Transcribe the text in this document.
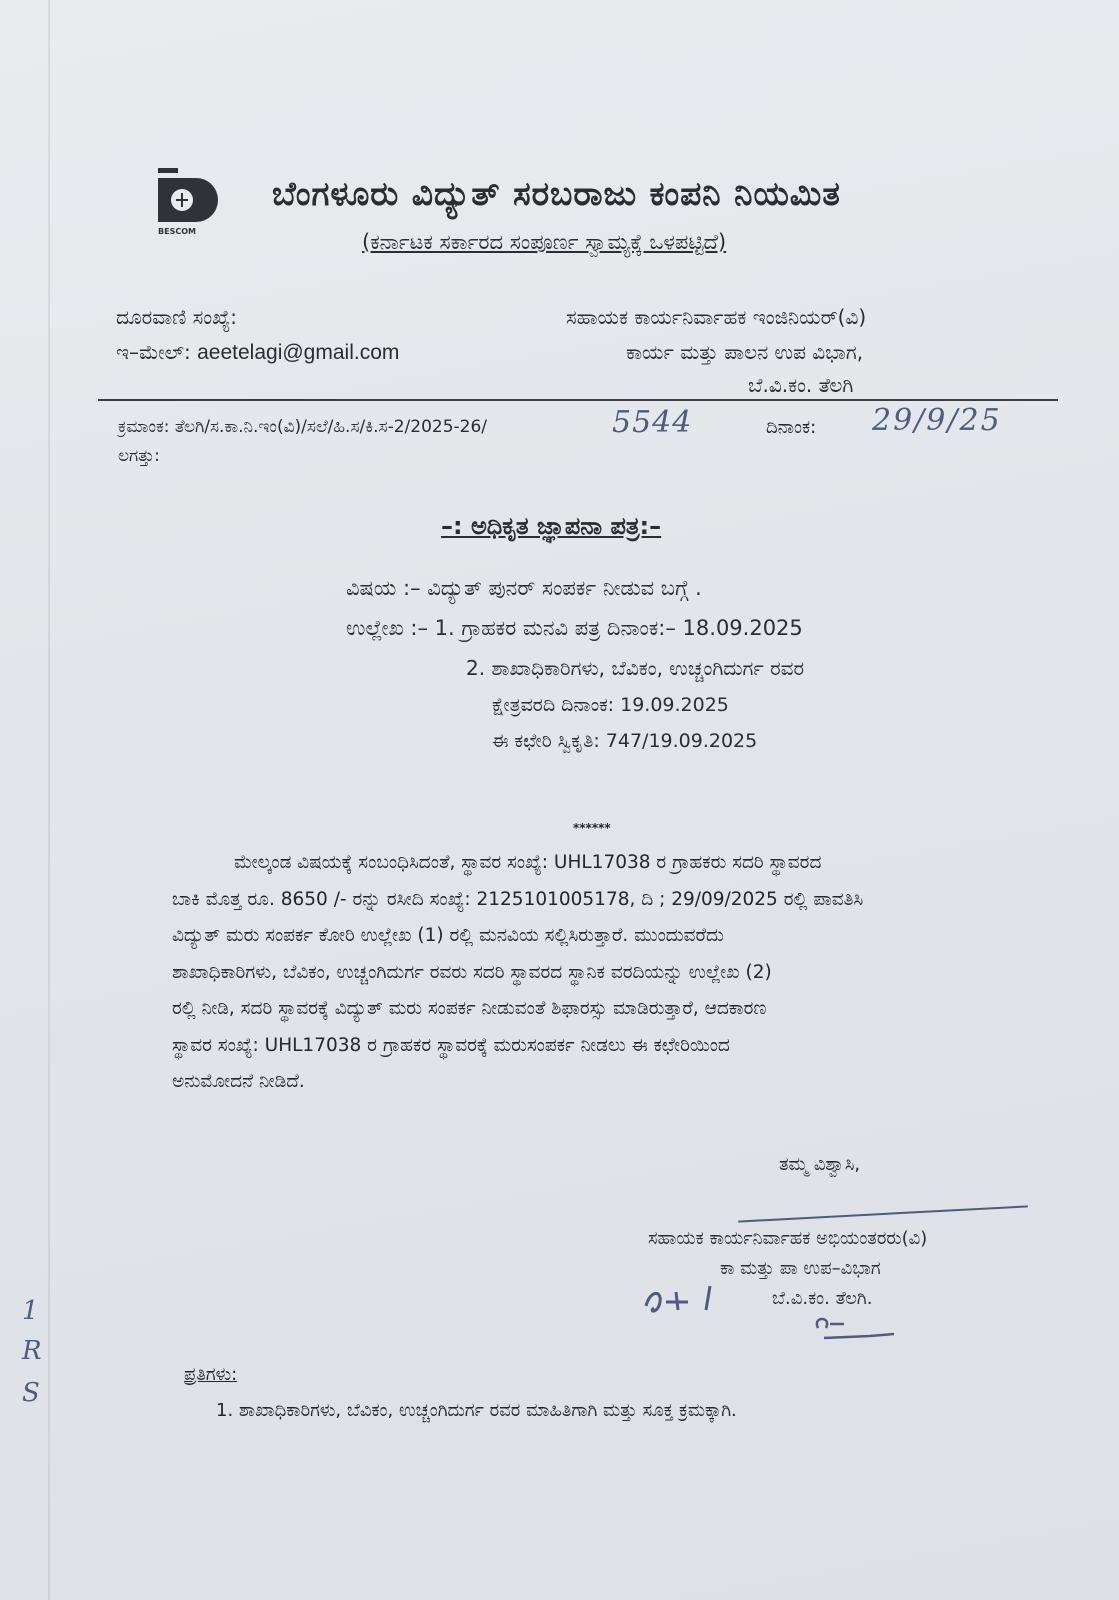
BESCOM
ಬೆಂಗಳೂರು ವಿದ್ಯುತ್ ಸರಬರಾಜು ಕಂಪನಿ ನಿಯಮಿತ
(ಕರ್ನಾಟಕ ಸರ್ಕಾರದ ಸಂಪೂರ್ಣ ಸ್ವಾಮ್ಯಕ್ಕೆ ಒಳಪಟ್ಟಿದೆ)
ದೂರವಾಣಿ ಸಂಖ್ಯೆ:
ಇ–ಮೇಲ್: aeetelagi@gmail.com
ಸಹಾಯಕ ಕಾರ್ಯನಿರ್ವಾಹಕ ಇಂಜಿನಿಯರ್(ವಿ)
ಕಾರ್ಯ ಮತ್ತು ಪಾಲನ ಉಪ ವಿಭಾಗ,
ಬೆ.ವಿ.ಕಂ. ತೆಲಗಿ
ಕ್ರಮಾಂಕ: ತೆಲಗಿ/ಸ.ಕಾ.ನಿ.ಇಂ(ವಿ)/ಸಲೆ/ಹಿ.ಸ/ಕಿ.ಸ-2/2025-26/	5544	ದಿನಾಂಕ: 29/9/25
ಲಗತ್ತು:
–: ಅಧಿಕೃತ ಜ್ಞಾಪನಾ ಪತ್ರ:–
ವಿಷಯ :– ವಿದ್ಯುತ್ ಪುನರ್ ಸಂಪರ್ಕ ನೀಡುವ ಬಗ್ಗೆ .
ಉಲ್ಲೇಖ :– 1. ಗ್ರಾಹಕರ ಮನವಿ ಪತ್ರ ದಿನಾಂಕ:– 18.09.2025
2. ಶಾಖಾಧಿಕಾರಿಗಳು, ಬೆವಿಕಂ, ಉಚ್ಚಂಗಿದುರ್ಗ ರವರ
ಕ್ಷೇತ್ರವರದಿ ದಿನಾಂಕ: 19.09.2025
ಈ ಕಛೇರಿ ಸ್ವಿಕೃತಿ: 747/19.09.2025
******
ಮೇಲ್ಕಂಡ ವಿಷಯಕ್ಕೆ ಸಂಬಂಧಿಸಿದಂತೆ, ಸ್ಥಾವರ ಸಂಖ್ಯೆ: UHL17038 ರ ಗ್ರಾಹಕರು ಸದರಿ ಸ್ಥಾವರದ
ಬಾಕಿ ಮೊತ್ತ ರೂ. 8650 /- ರನ್ನು ರಸೀದಿ ಸಂಖ್ಯೆ: 2125101005178, ದಿ ; 29/09/2025 ರಲ್ಲಿ ಪಾವತಿಸಿ
ವಿದ್ಯುತ್ ಮರು ಸಂಪರ್ಕ ಕೋರಿ ಉಲ್ಲೇಖ (1) ರಲ್ಲಿ ಮನವಿಯ ಸಲ್ಲಿಸಿರುತ್ತಾರೆ. ಮುಂದುವರೆದು
ಶಾಖಾಧಿಕಾರಿಗಳು, ಬೆವಿಕಂ, ಉಚ್ಚಂಗಿದುರ್ಗ ರವರು ಸದರಿ ಸ್ಥಾವರದ ಸ್ಥಾನಿಕ ವರದಿಯನ್ನು ಉಲ್ಲೇಖ (2)
ರಲ್ಲಿ ನೀಡಿ, ಸದರಿ ಸ್ಥಾವರಕ್ಕೆ ವಿದ್ಯುತ್ ಮರು ಸಂಪರ್ಕ ನೀಡುವಂತೆ ಶಿಫಾರಸ್ಸು ಮಾಡಿರುತ್ತಾರೆ, ಆದಕಾರಣ
ಸ್ಥಾವರ ಸಂಖ್ಯೆ: UHL17038 ರ ಗ್ರಾಹಕರ ಸ್ಥಾವರಕ್ಕೆ ಮರುಸಂಪರ್ಕ ನೀಡಲು ಈ ಕಛೇರಿಯಿಂದ
ಅನುಮೋದನೆ ನೀಡಿದೆ.
ತಮ್ಮ ವಿಶ್ವಾಸಿ,
ಸಹಾಯಕ ಕಾರ್ಯನಿರ್ವಾಹಕ ಅಭಿಯಂತರರು(ವಿ)
ಕಾ ಮತ್ತು ಪಾ ಉಪ–ವಿಭಾಗ
ಬೆ.ವಿ.ಕಂ. ತೆಲಗಿ.
ಪ್ರತಿಗಳು:
1. ಶಾಖಾಧಿಕಾರಿಗಳು, ಬೆವಿಕಂ, ಉಚ್ಚಂಗಿದುರ್ಗ ರವರ ಮಾಹಿತಿಗಾಗಿ ಮತ್ತು ಸೂಕ್ತ ಕ್ರಮಕ್ಕಾಗಿ.
1
R
S
